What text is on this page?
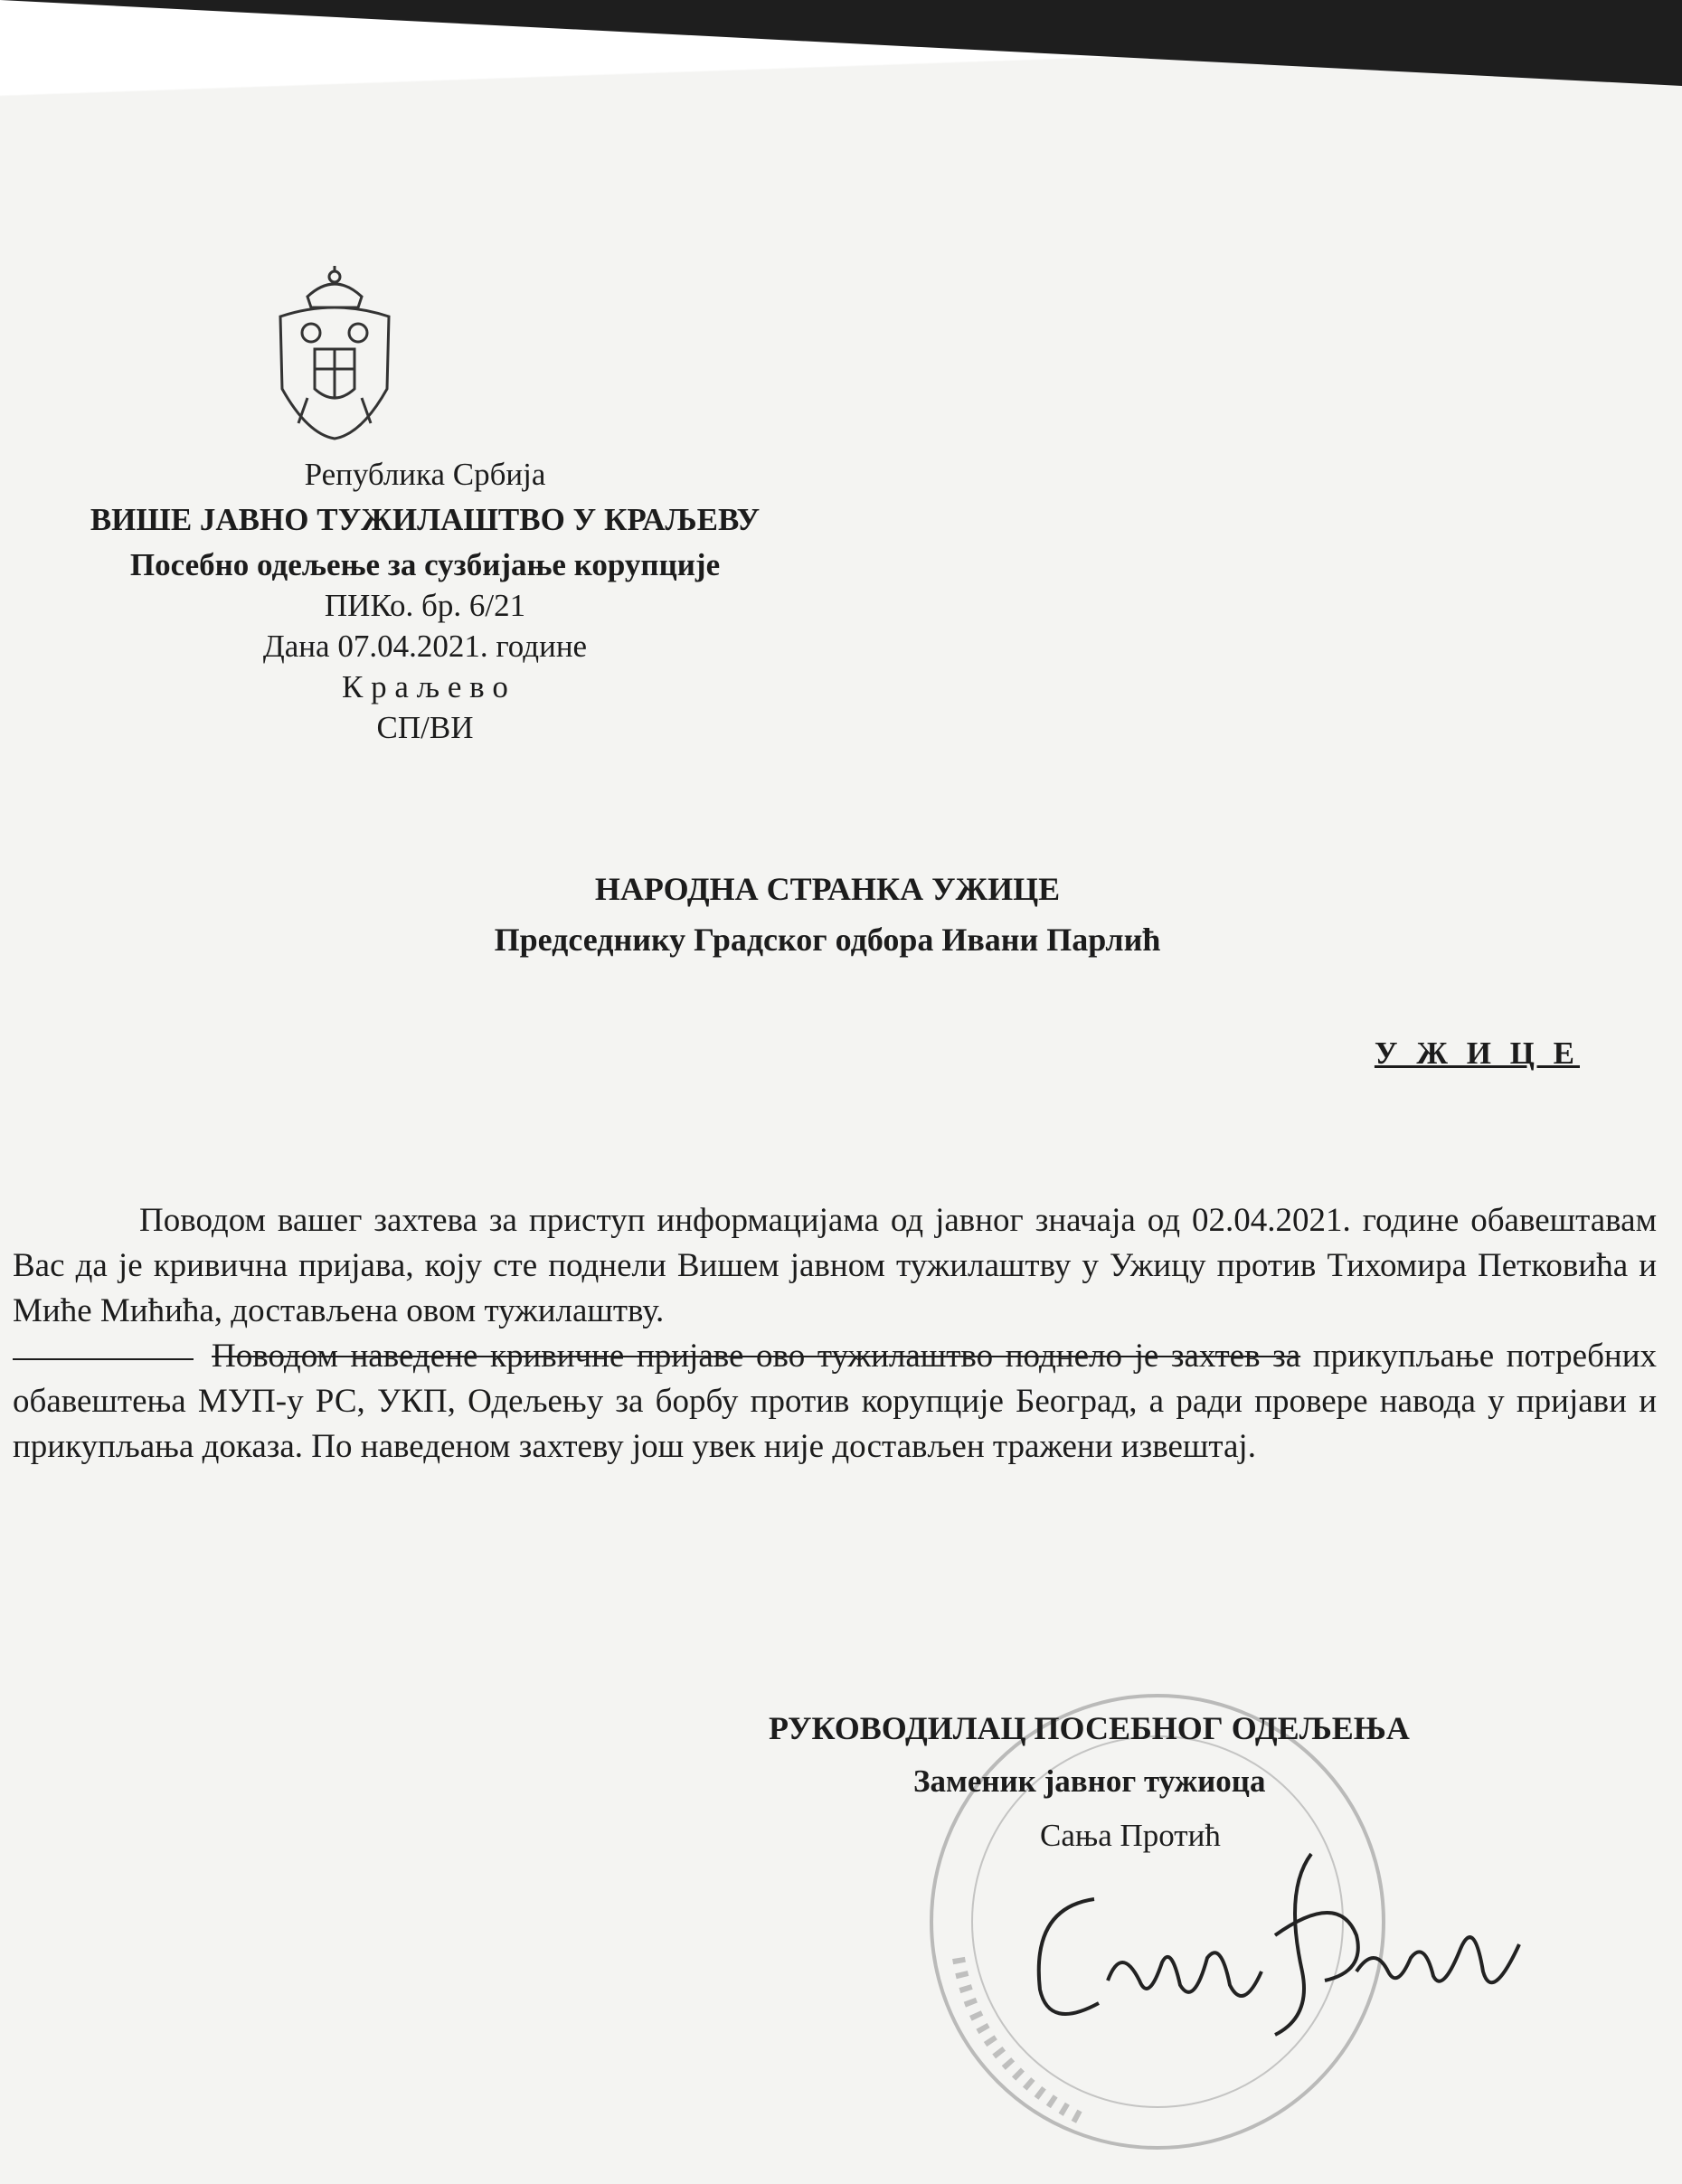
Република Србија

ВИШЕ ЈАВНО ТУЖИЛАШТВО У КРАЉЕВУ

Посебно одељење за сузбијање корупције

ПИКо. бр. 6/21

Дана 07.04.2021. године

К р а љ е в о

СП/ВИ

НАРОДНА СТРАНКА УЖИЦЕ

Председнику Градског одбора Ивани Парлић

У Ж И Ц Е

Поводом вашег захтева за приступ информацијама од јавног значаја од 02.04.2021. године обавештавам Вас да је кривична пријава, коју сте поднели Вишем јавном тужилаштву у Ужицу против Тихомира Петковића и Миће Мићића, достављена овом тужилаштву.

Поводом наведене кривичне пријаве ово тужилаштво поднело је захтев за прикупљање потребних обавештења МУП-у РС, УКП, Одељењу за борбу против корупције Београд, а ради провере навода у пријави и прикупљања доказа. По наведеном захтеву још увек није достављен тражени извештај.

РУКОВОДИЛАЦ ПОСЕБНОГ ОДЕЉЕЊА

Заменик јавног тужиоца

Сања Протић
